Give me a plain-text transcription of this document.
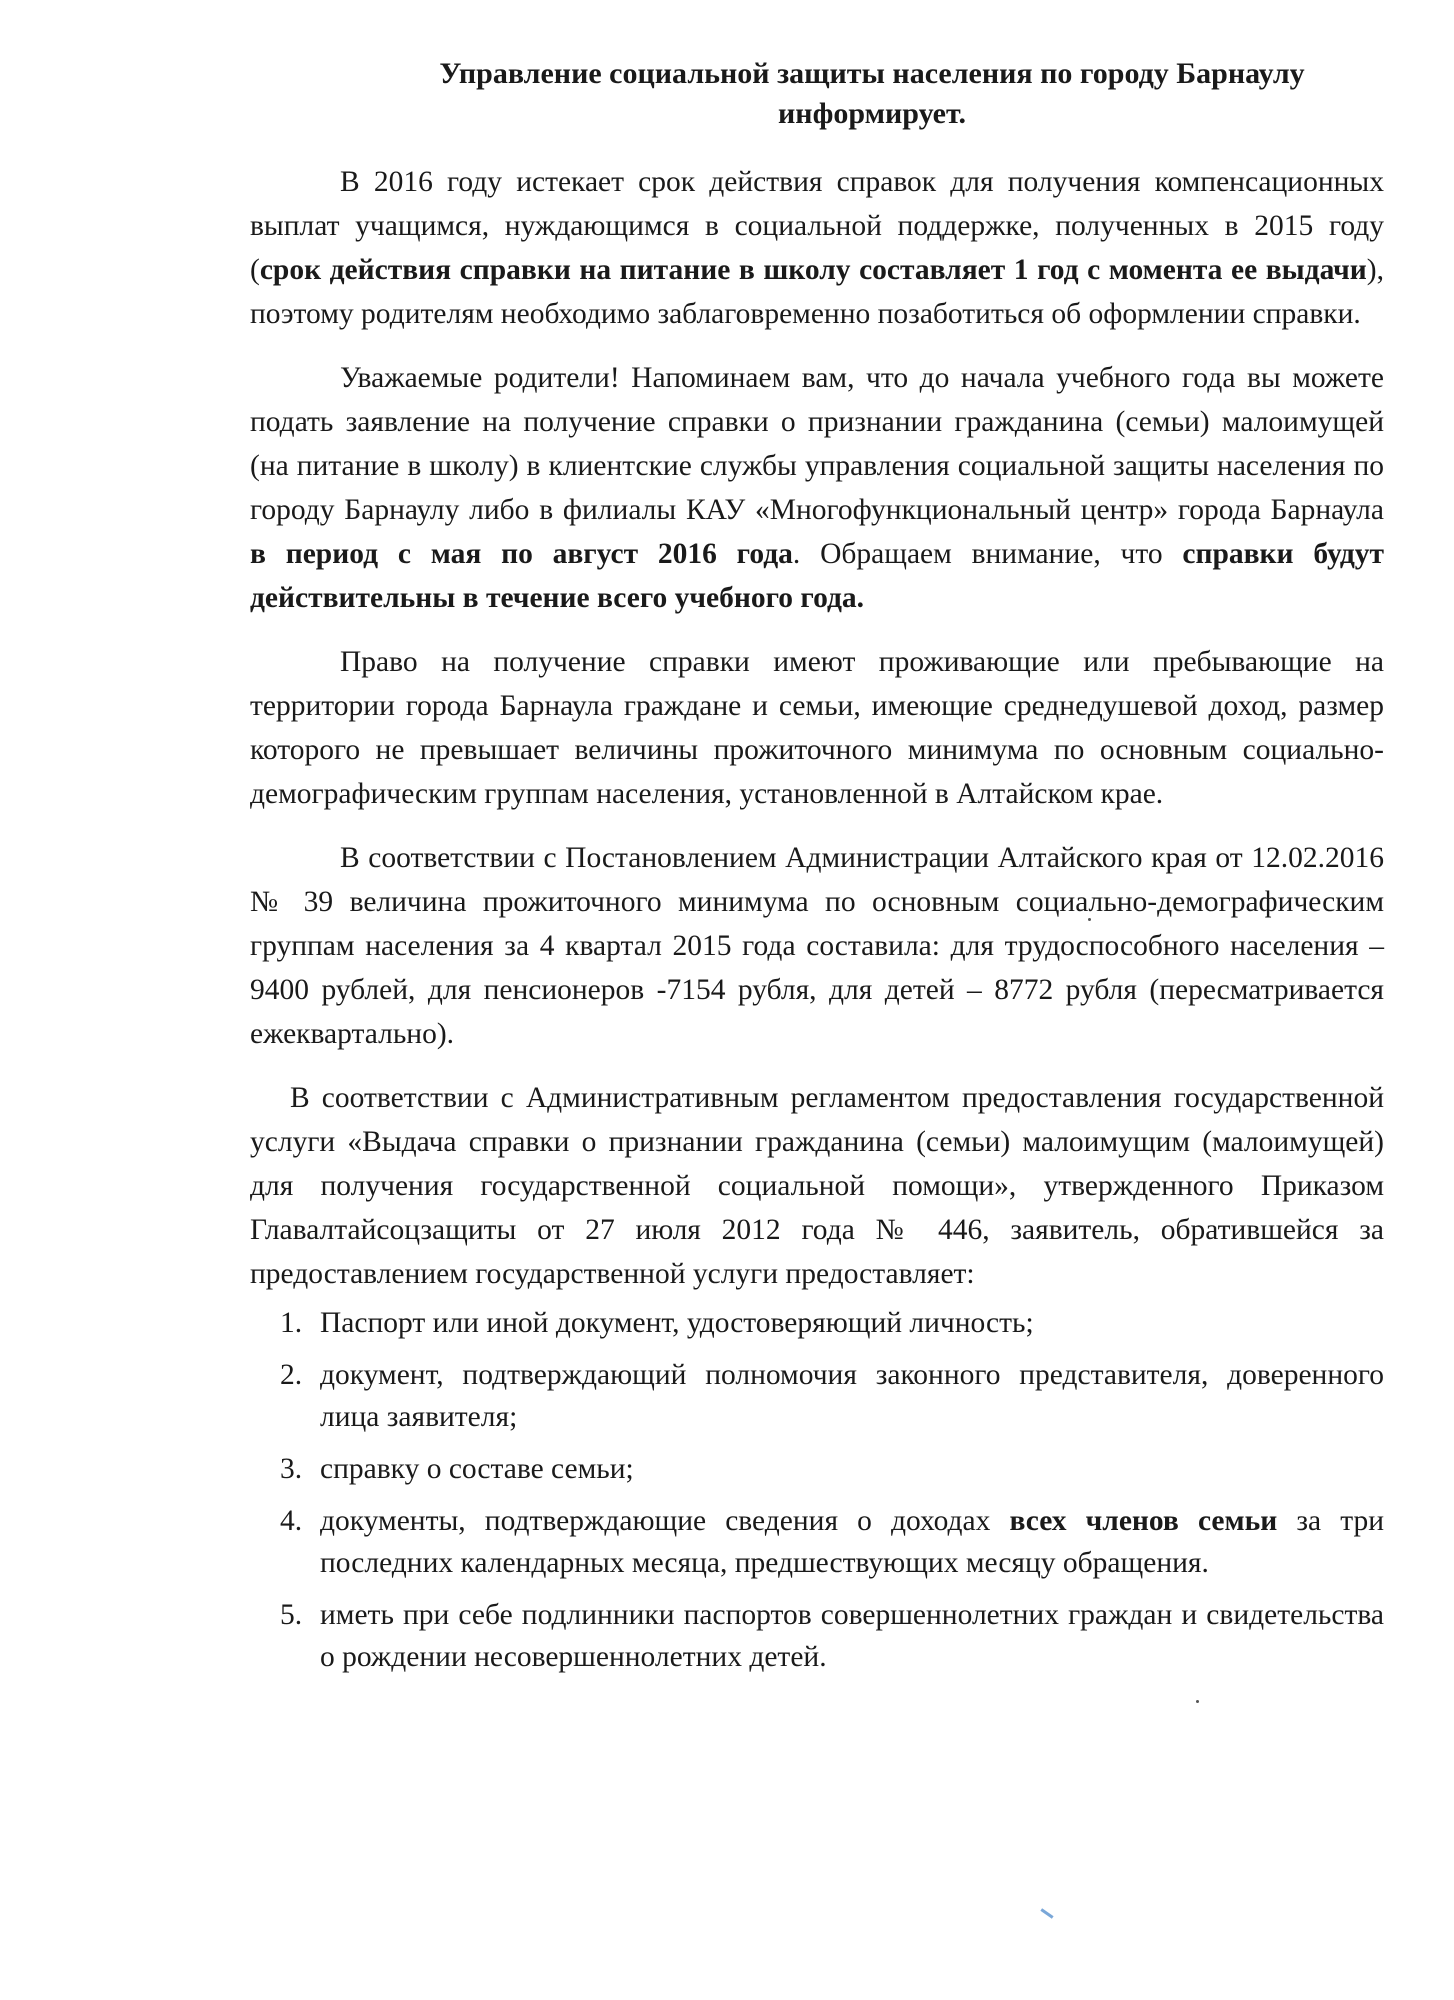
Управление социальной защиты населения по городу Барнаулу
информирует.

В 2016 году истекает срок действия справок для получения компенсационных выплат учащимся, нуждающимся в социальной поддержке, полученных в 2015 году (срок действия справки на питание в школу составляет 1 год с момента ее выдачи), поэтому родителям необходимо заблаговременно позаботиться об оформлении справки.

Уважаемые родители! Напоминаем вам, что до начала учебного года вы можете подать заявление на получение справки о признании гражданина (семьи) малоимущей (на питание в школу) в клиентские службы управления социальной защиты населения по городу Барнаулу либо в филиалы КАУ «Многофункциональный центр» города Барнаула в период с мая по август 2016 года. Обращаем внимание, что справки будут действительны в течение всего учебного года.

Право на получение справки имеют проживающие или пребывающие на территории города Барнаула граждане и семьи, имеющие среднедушевой доход, размер которого не превышает величины прожиточного минимума по основным социально-демографическим группам населения, установленной в Алтайском крае.

В соответствии с Постановлением Администрации Алтайского края от 12.02.2016 № 39 величина прожиточного минимума по основным социально-демографическим группам населения за 4 квартал 2015 года составила: для трудоспособного населения – 9400 рублей, для пенсионеров -7154 рубля, для детей – 8772 рубля (пересматривается ежеквартально).

В соответствии с Административным регламентом предоставления государственной услуги «Выдача справки о признании гражданина (семьи) малоимущим (малоимущей) для получения государственной социальной помощи», утвержденного Приказом Главалтайсоцзащиты от 27 июля 2012 года № 446, заявитель, обратившейся за предоставлением государственной услуги предоставляет:

1. Паспорт или иной документ, удостоверяющий личность;
2. документ, подтверждающий полномочия законного представителя, доверенного лица заявителя;
3. справку о составе семьи;
4. документы, подтверждающие сведения о доходах всех членов семьи за три последних календарных месяца, предшествующих месяцу обращения.
5. иметь при себе подлинники паспортов совершеннолетних граждан и свидетельства о рождении несовершеннолетних детей.
